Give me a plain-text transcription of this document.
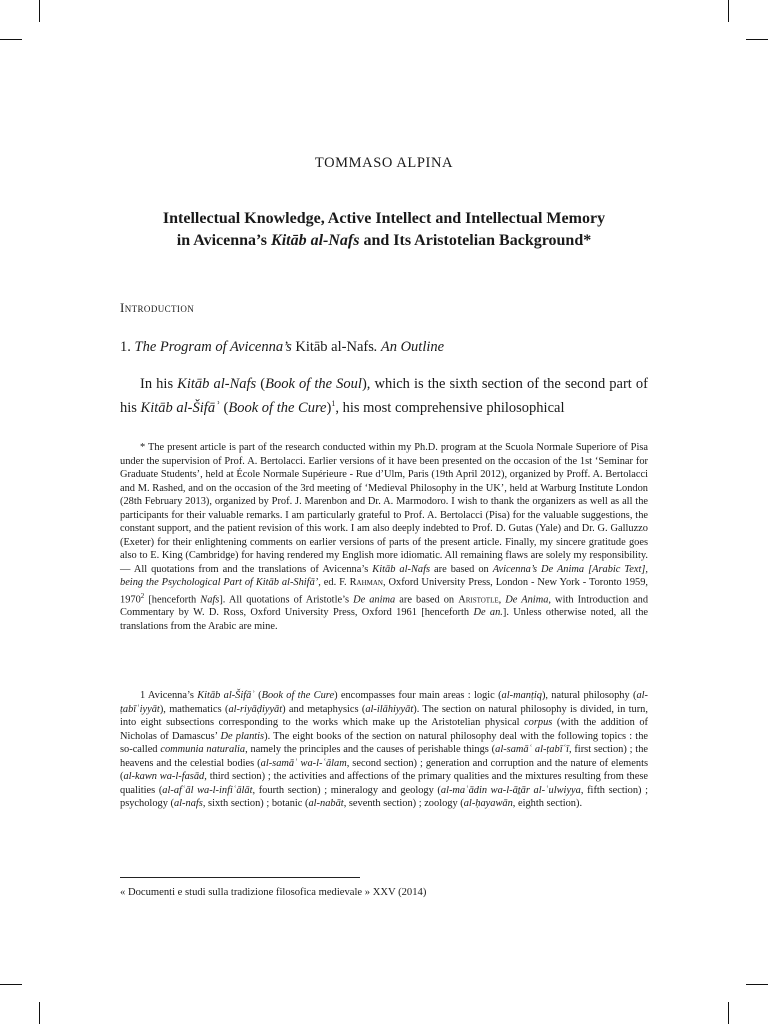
TOMMASO ALPINA
Intellectual Knowledge, Active Intellect and Intellectual Memory
in Avicenna’s Kitāb al-Nafs and Its Aristotelian Background*
Introduction
1. The Program of Avicenna’s Kitāb al-Nafs. An Outline
In his Kitāb al-Nafs (Book of the Soul), which is the sixth section of the second part of his Kitāb al-Šifāʾ (Book of the Cure)$^1$, his most comprehensive philosophical
* The present article is part of the research conducted within my Ph.D. program at the Scuola Normale Superiore of Pisa under the supervision of Prof. A. Bertolacci. Earlier versions of it have been presented on the occasion of the 1st ‘Seminar for Graduate Students’, held at École Normale Supérieure - Rue d’Ulm, Paris (19th April 2012), organized by Proff. A. Bertolacci and M. Rashed, and on the occasion of the 3rd meeting of ‘Medieval Philosophy in the UK’, held at Warburg Institute London (28th February 2013), organized by Prof. J. Marenbon and Dr. A. Marmodoro. I wish to thank the organizers as well as all the participants for their valuable remarks. I am particularly grateful to Prof. A. Bertolacci (Pisa) for the valuable suggestions, the constant support, and the patient revision of this work. I am also deeply indebted to Prof. D. Gutas (Yale) and Dr. G. Galluzzo (Exeter) for their enlightening comments on earlier versions of parts of the present article. Finally, my sincere gratitude goes also to E. King (Cambridge) for having rendered my English more idiomatic. All remaining flaws are solely my responsibility. — All quotations from and the translations of Avicenna’s Kitāb al-Nafs are based on Avicenna’s De Anima [Arabic Text], being the Psychological Part of Kitāb al-Shifā’, ed. F. Rahman, Oxford University Press, London - New York - Toronto 1959, 1970$^2$ [henceforth Nafs]. All quotations of Aristotle’s De anima are based on Aristotle, De Anima, with Introduction and Commentary by W. D. Ross, Oxford University Press, Oxford 1961 [henceforth De an.]. Unless otherwise noted, all the translations from the Arabic are mine.
1 Avicenna’s Kitāb al-Šifāʾ (Book of the Cure) encompasses four main areas : logic (al-manṭiq), natural philosophy (al-ṭabīʿiyyāt), mathematics (al-riyāḍiyyāt) and metaphysics (al-ilāhiyyāt). The section on natural philosophy is divided, in turn, into eight subsections corresponding to the works which make up the Aristotelian physical corpus (with the addition of Nicholas of Damascus’ De plantis). The eight books of the section on natural philosophy deal with the following topics : the so-called communia naturalia, namely the principles and the causes of perishable things (al-samāʿ al-ṭabīʿī, first section) ; the heavens and the celestial bodies (al-samāʾ wa-l-ʿālam, second section) ; generation and corruption and the nature of elements (al-kawn wa-l-fasād, third section) ; the activities and affections of the primary qualities and the mixtures resulting from these qualities (al-afʿāl wa-l-infiʿālāt, fourth section) ; mineralogy and geology (al-maʿādin wa-l-āṯār al-ʿulwiyya, fifth section) ; psychology (al-nafs, sixth section) ; botanic (al-nabāt, seventh section) ; zoology (al-ḥayawān, eighth section).
« Documenti e studi sulla tradizione filosofica medievale » XXV (2014)
